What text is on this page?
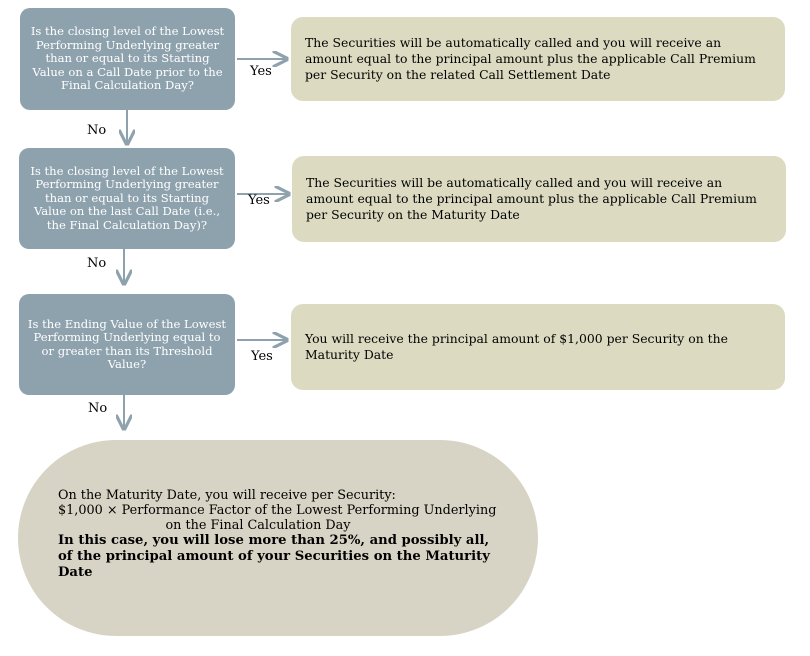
Is the closing level of the Lowest Performing Underlying greater than or equal to its Starting Value on a Call Date prior to the Final Calculation Day?
Is the closing level of the Lowest Performing Underlying greater than or equal to its Starting Value on the last Call Date (i.e., the Final Calculation Day)?
Is the Ending Value of the Lowest Performing Underlying equal to or greater than its Threshold Value?
The Securities will be automatically called and you will receive an amount equal to the principal amount plus the applicable Call Premium per Security on the related Call Settlement Date
The Securities will be automatically called and you will receive an amount equal to the principal amount plus the applicable Call Premium per Security on the Maturity Date
You will receive the principal amount of $1,000 per Security on the Maturity Date
Yes
Yes
Yes
No
No
No
On the Maturity Date, you will receive per Security:
$1,000 × Performance Factor of the Lowest Performing Underlying
on the Final Calculation Day
In this case, you will lose more than 25%, and possibly all, of the principal amount of your Securities on the Maturity Date
